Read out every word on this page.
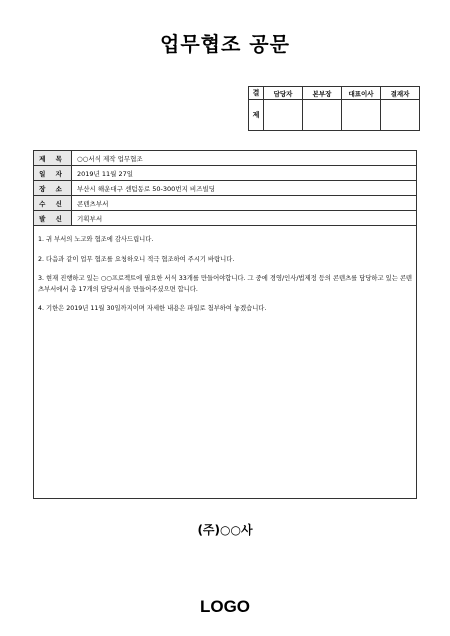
업무협조 공문
결	담당자	본부장	대표이사	결재자
제				
제 목	○○서식 제작 업무협조
일 자	2019년 11월 27일
장 소	부산시 해운대구 센텀동로 50-300번지 비즈빌딩
수 신	콘텐츠부서
발 신	기획부서

1. 귀 부서의 노고와 협조에 감사드립니다.

2. 다음과 같이 업무 협조를 요청하오니 적극 협조하여 주시기 바랍니다.

3. 현재 진행하고 있는 ○○프로젝트에 필요한 서식 33개를 만들어야합니다. 그 중에 경영/인사/법제정 등의 콘텐츠를 담당하고 있는 콘텐츠부서에서 총 17개의 담당서식을 만들어주셨으면 합니다.

4. 기한은 2019년 11월 30일까지이며 자세한 내용은 파일로 첨부하여 놓겠습니다.

(주)○○사
LOGO
